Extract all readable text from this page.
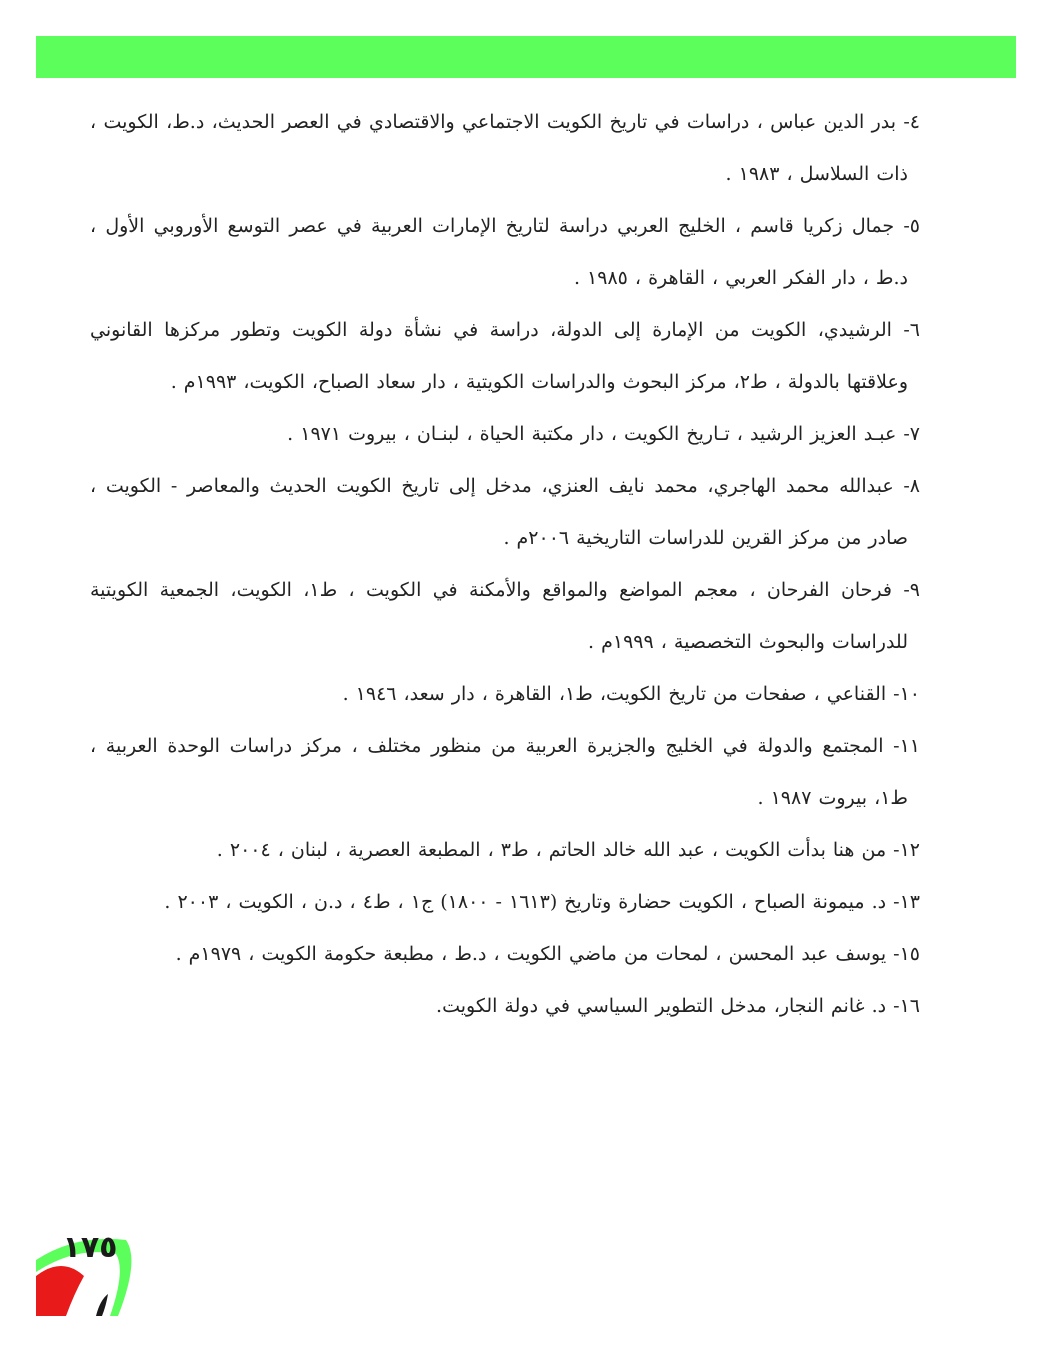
٤- بدر الدين عباس ، دراسات في تاريخ الكويت الاجتماعي والاقتصادي في العصر الحديث، د.ط، الكويت ، ذات السلاسل ، ١٩٨٣ .

٥- جمال زكريا قاسم ، الخليج العربي دراسة لتاريخ الإمارات العربية في عصر التوسع الأوروبي الأول ، د.ط ، دار الفكر العربي ، القاهرة ، ١٩٨٥ .

٦- الرشيدي، الكويت من الإمارة إلى الدولة، دراسة في نشأة دولة الكويت وتطور مركزها القانوني وعلاقتها بالدولة ، ط٢، مركز البحوث والدراسات الكويتية ، دار سعاد الصباح، الكويت، ١٩٩٣م .

٧- عبـد العزيز الرشيد ، تـاريخ الكويت ، دار مكتبة الحياة ، لبنـان ، بيروت ١٩٧١ .

٨- عبدالله محمد الهاجري، محمد نايف العنزي، مدخل إلى تاريخ الكويت الحديث والمعاصر - الكويت ، صادر من مركز القرين للدراسات التاريخية ٢٠٠٦م .

٩- فرحان الفرحان ، معجم المواضع والمواقع والأمكنة في الكويت ، ط١، الكويت، الجمعية الكويتية للدراسات والبحوث التخصصية ، ١٩٩٩م .

١٠- القناعي ، صفحات من تاريخ الكويت، ط١، القاهرة ، دار سعد، ١٩٤٦ .

١١- المجتمع والدولة في الخليج والجزيرة العربية من منظور مختلف ، مركز دراسات الوحدة العربية ، ط١، بيروت ١٩٨٧ .

١٢- من هنا بدأت الكويت ، عبد الله خالد الحاتم ، ط٣ ، المطبعة العصرية ، لبنان ، ٢٠٠٤ .

١٣- د. ميمونة الصباح ، الكويت حضارة وتاريخ (١٦١٣ - ١٨٠٠) ج١ ، ط٤ ، د.ن ، الكويت ، ٢٠٠٣ .

١٥- يوسف عبد المحسن ، لمحات من ماضي الكويت ، د.ط ، مطبعة حكومة الكويت ، ١٩٧٩م .

١٦- د. غانم النجار، مدخل التطوير السياسي في دولة الكويت.

١٧٥
